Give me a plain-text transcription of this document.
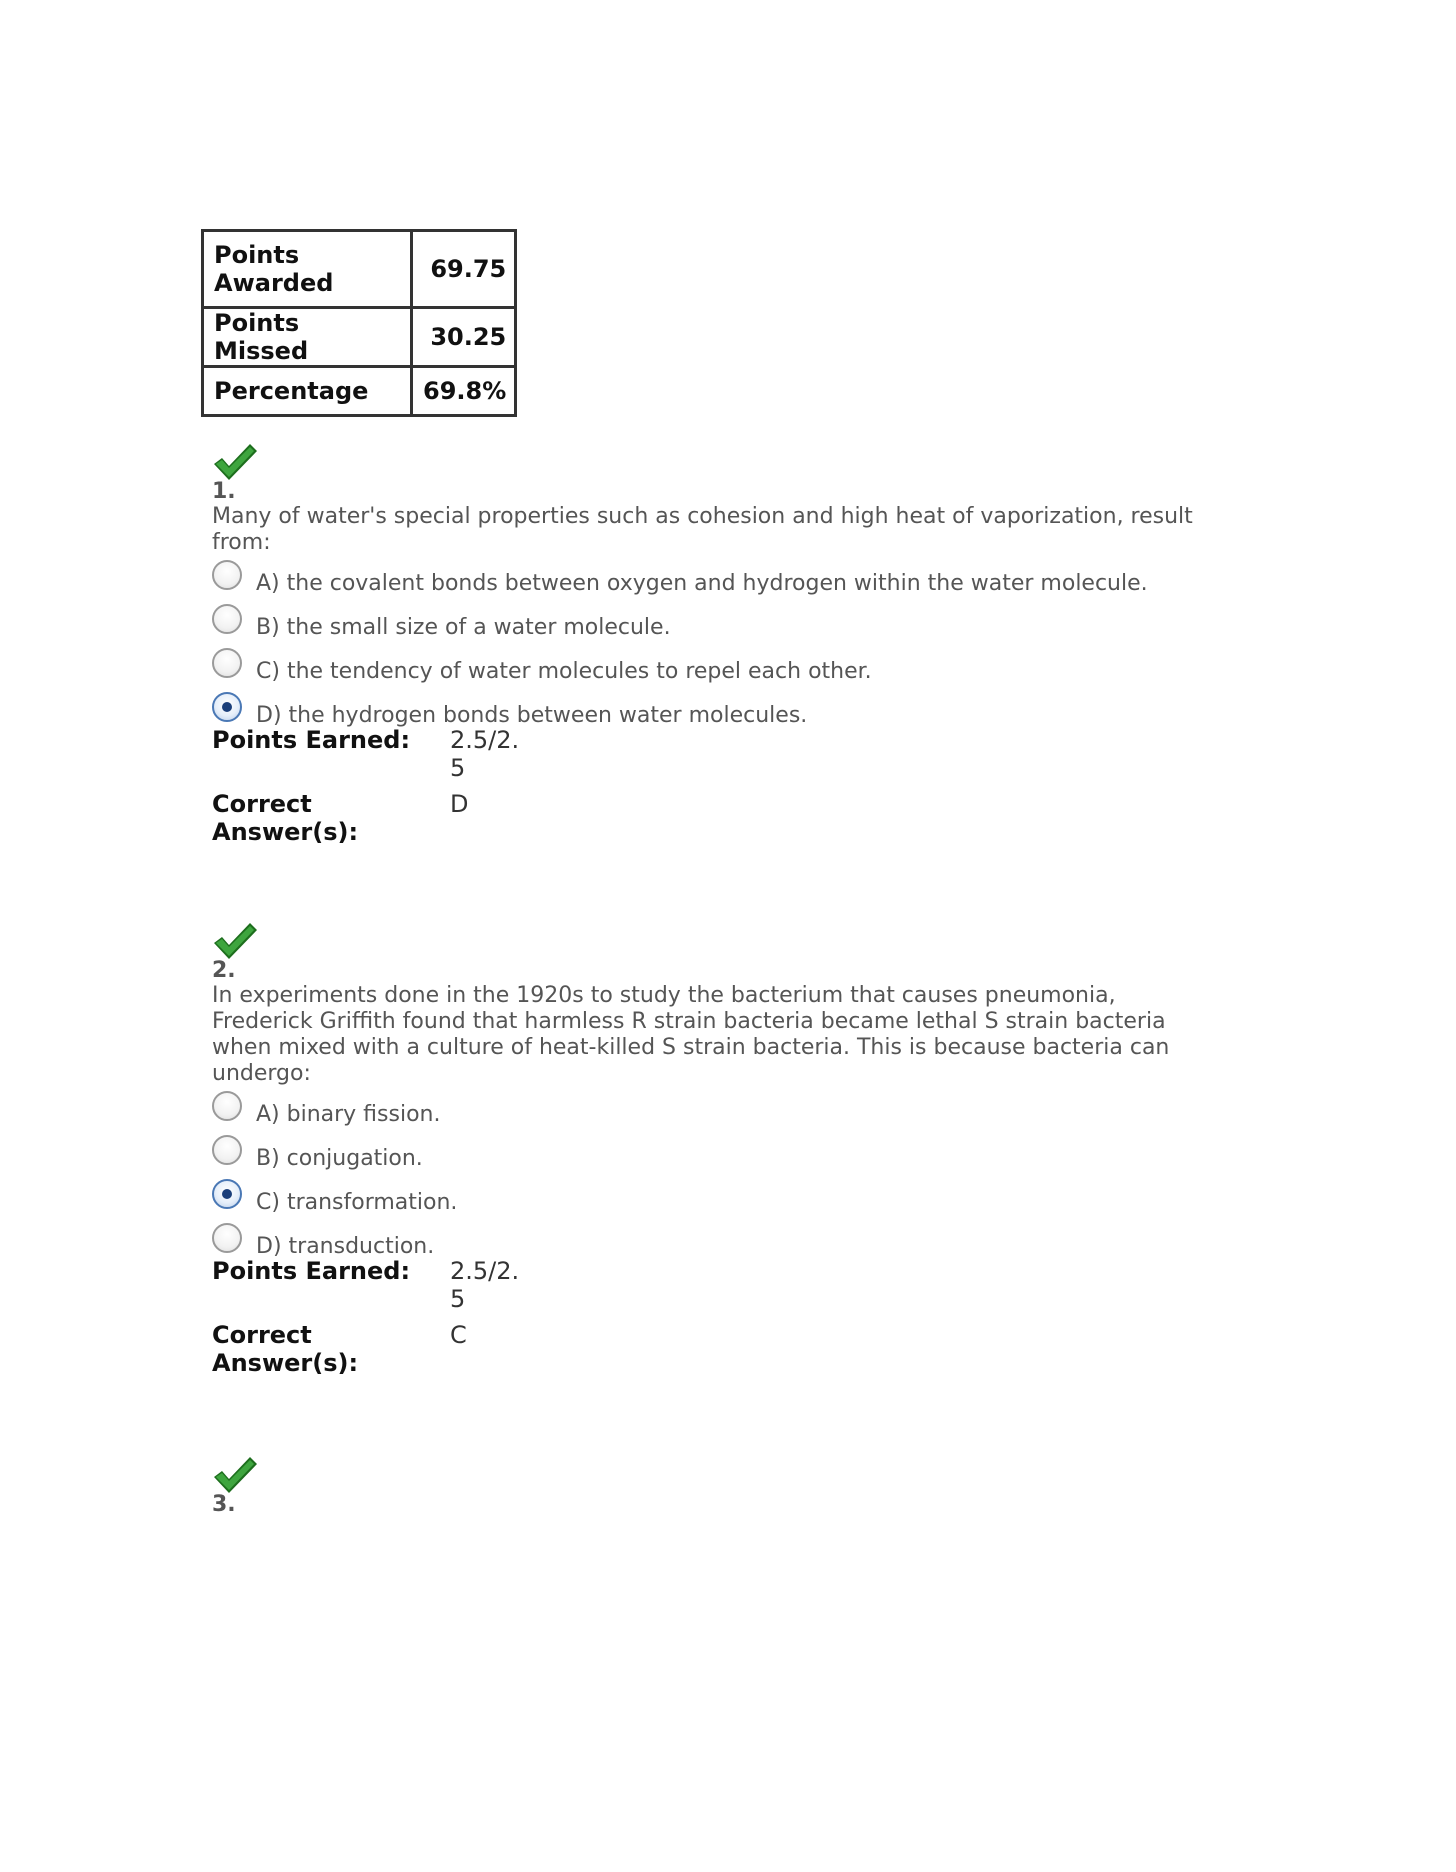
Points Awarded	69.75
Points Missed	30.25
Percentage	69.8%
1.
Many of water's special properties such as cohesion and high heat of vaporization, result from:
A) the covalent bonds between oxygen and hydrogen within the water molecule.
B) the small size of a water molecule.
C) the tendency of water molecules to repel each other.
D) the hydrogen bonds between water molecules.
Points Earned:	2.5/2.5
Correct Answer(s):
D
2.
In experiments done in the 1920s to study the bacterium that causes pneumonia, Frederick Griffith found that harmless R strain bacteria became lethal S strain bacteria when mixed with a culture of heat-killed S strain bacteria. This is because bacteria can undergo:
A) binary fission.
B) conjugation.
C) transformation.
D) transduction.
Points Earned:	2.5/2.5
Correct Answer(s):
C
3.
